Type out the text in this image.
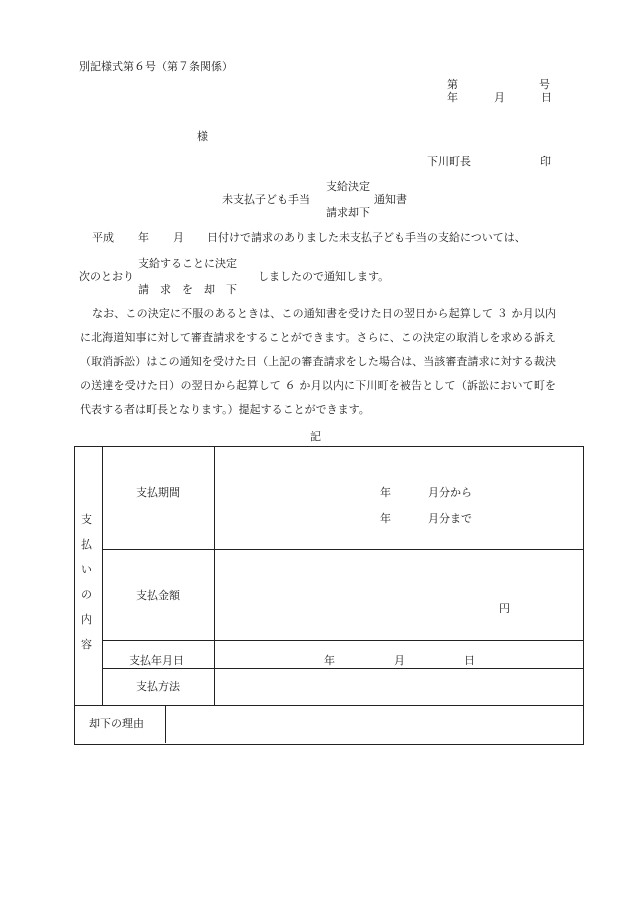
別記様式第６号（第７条関係）
第	号
年	月	日
様
下川町長	印
支給決定
未支払子ども手当	通知書
請求却下
平成 年 月 日付けで請求のありました未支払子ども手当の支給については、
支給することに決定
次のとおり	しましたので通知します。
請　求　を　却　下
なお、この決定に不服のあるときは、この通知書を受けた日の翌日から起算して ３ か月以内に北海道知事に対して審査請求をすることができます。さらに、この決定の取消しを求める訴え（取消訴訟）はこの通知を受けた日（上記の審査請求をした場合は、当該審査請求に対する裁決の送達を受けた日）の翌日から起算して ６ か月以内に下川町を被告として（訴訟において町を代表する者は町長となります。）提起することができます。
記
支
払
い
の
内
容
支払期間	年	月分から
年	月分まで
支払金額
円
支払年月日	年	月	日
支払方法
却下の理由
